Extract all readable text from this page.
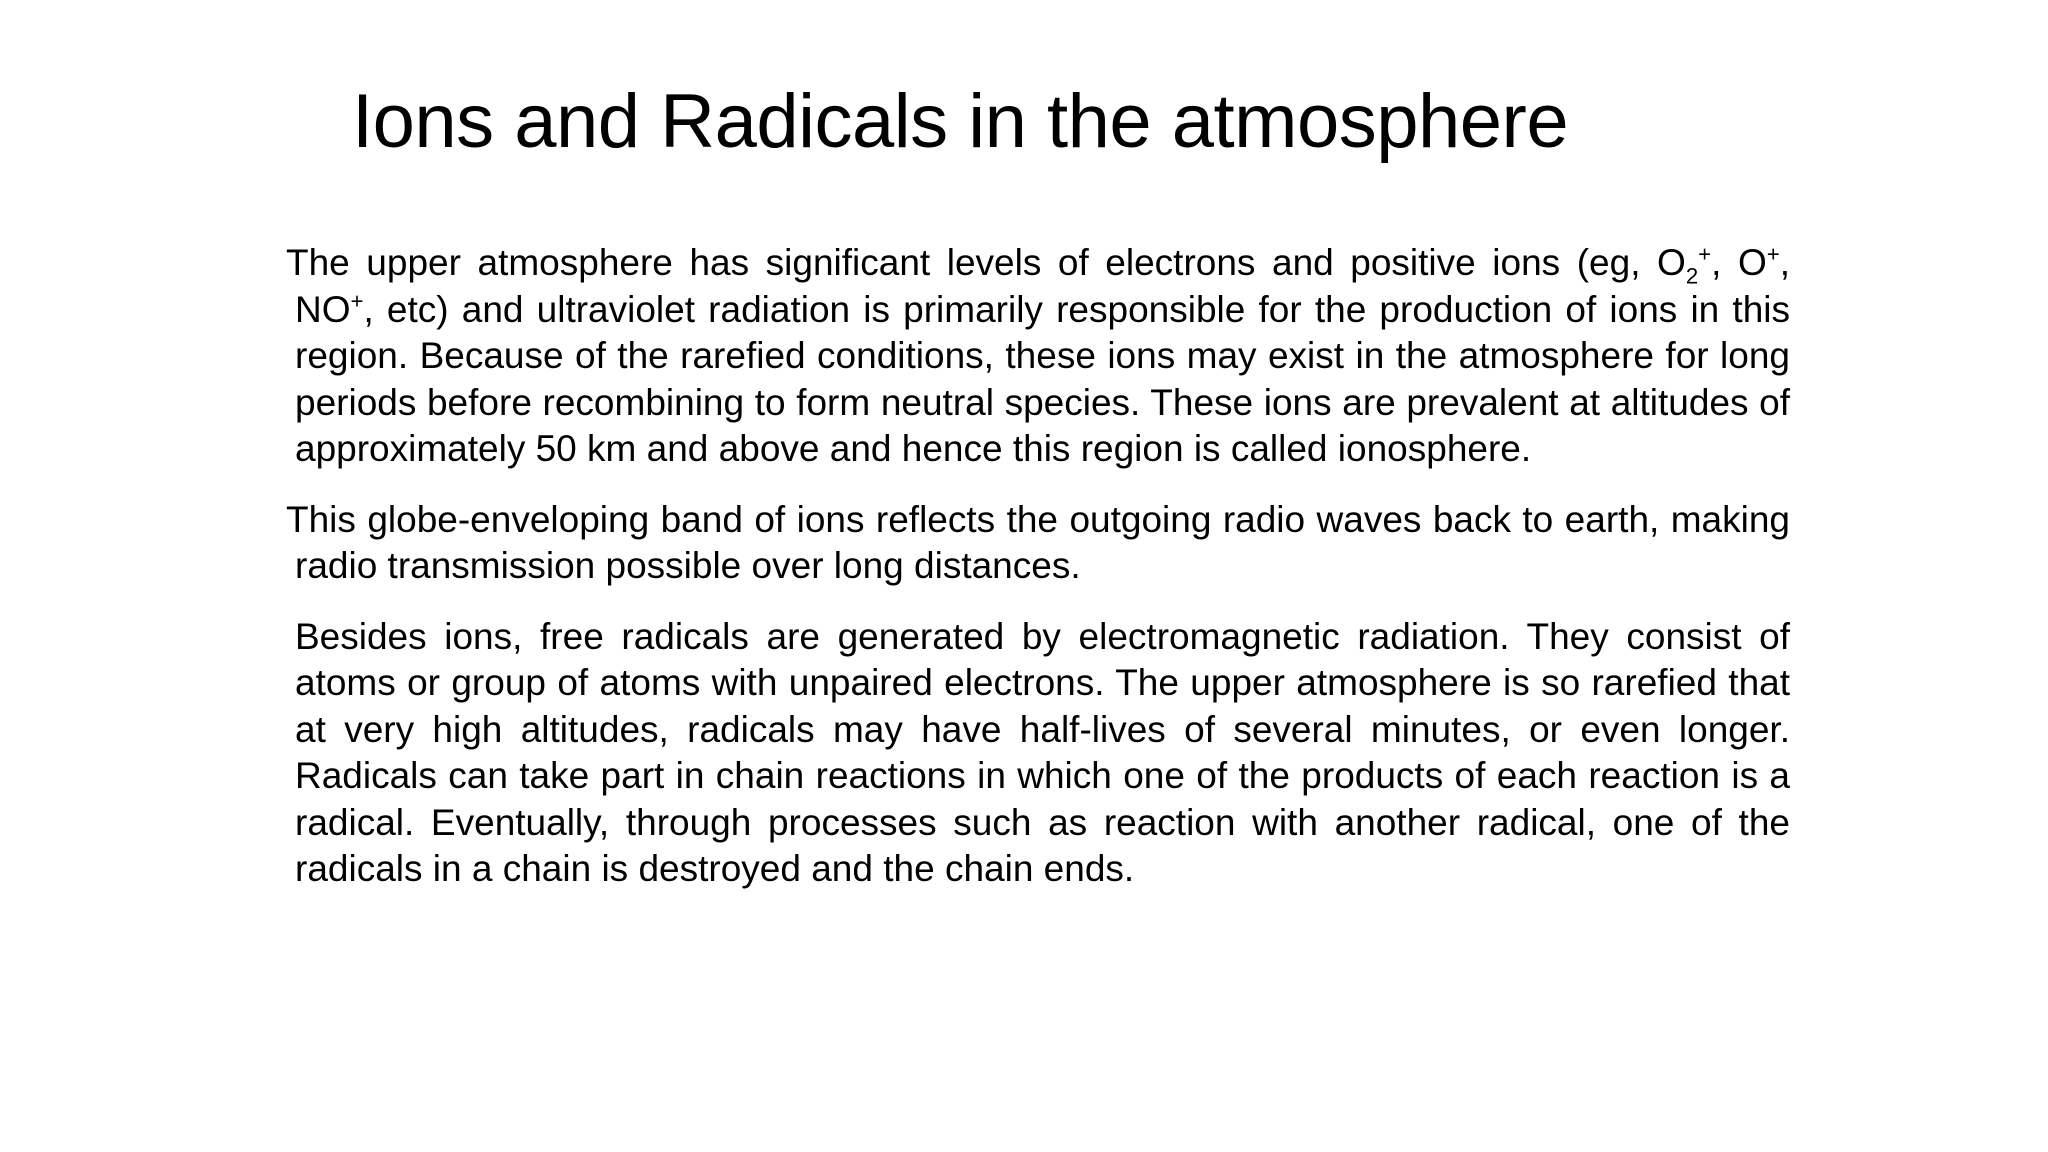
Ions and Radicals in the atmosphere

The upper atmosphere has significant levels of electrons and positive ions (eg, $O_2^+$, O+, NO+, etc) and ultraviolet radiation is primarily responsible for the production of ions in this region. Because of the rarefied conditions, these ions may exist in the atmosphere for long periods before recombining to form neutral species. These ions are prevalent at altitudes of approximately 50 km and above and hence this region is called ionosphere.

This globe-enveloping band of ions reflects the outgoing radio waves back to earth, making radio transmission possible over long distances.

Besides ions, free radicals are generated by electromagnetic radiation. They consist of atoms or group of atoms with unpaired electrons. The upper atmosphere is so rarefied that at very high altitudes, radicals may have half-lives of several minutes, or even longer. Radicals can take part in chain reactions in which one of the products of each reaction is a radical. Eventually, through processes such as reaction with another radical, one of the radicals in a chain is destroyed and the chain ends.
